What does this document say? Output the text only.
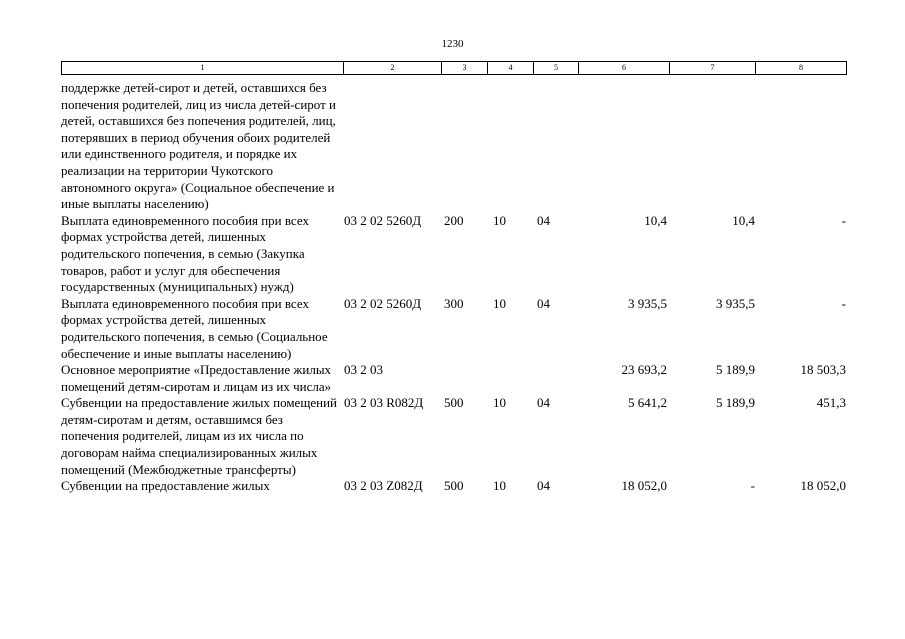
1230
1	2	3	4	5	6	7	8
поддержке детей-сирот и детей, оставшихся без попечения родителей, лиц из числа детей-сирот и детей, оставшихся без попечения родителей, лиц, потерявших в период обучения обоих родителей или единственного родителя, и порядке их реализации на территории Чукотского автономного округа» (Социальное обеспечение и иные выплаты населению)							
Выплата единовременного пособия при всех формах устройства детей, лишенных родительского попечения, в семью (Закупка товаров, работ и услуг для обеспечения государственных (муниципальных) нужд)	03 2 02 5260Д	200	10	04	10,4	10,4	-
Выплата единовременного пособия при всех формах устройства детей, лишенных родительского попечения, в семью (Социальное обеспечение и иные выплаты населению)	03 2 02 5260Д	300	10	04	3 935,5	3 935,5	-
Основное мероприятие «Предоставление жилых помещений детям-сиротам и лицам из их числа»	03 2 03				23 693,2	5 189,9	18 503,3
Субвенции на предоставление жилых помещений детям-сиротам и детям, оставшимся без попечения родителей, лицам из их числа по договорам найма специализированных жилых помещений (Межбюджетные трансферты)	03 2 03 R082Д	500	10	04	5 641,2	5 189,9	451,3
Субвенции на предоставление жилых	03 2 03 Z082Д	500	10	04	18 052,0	-	18 052,0
